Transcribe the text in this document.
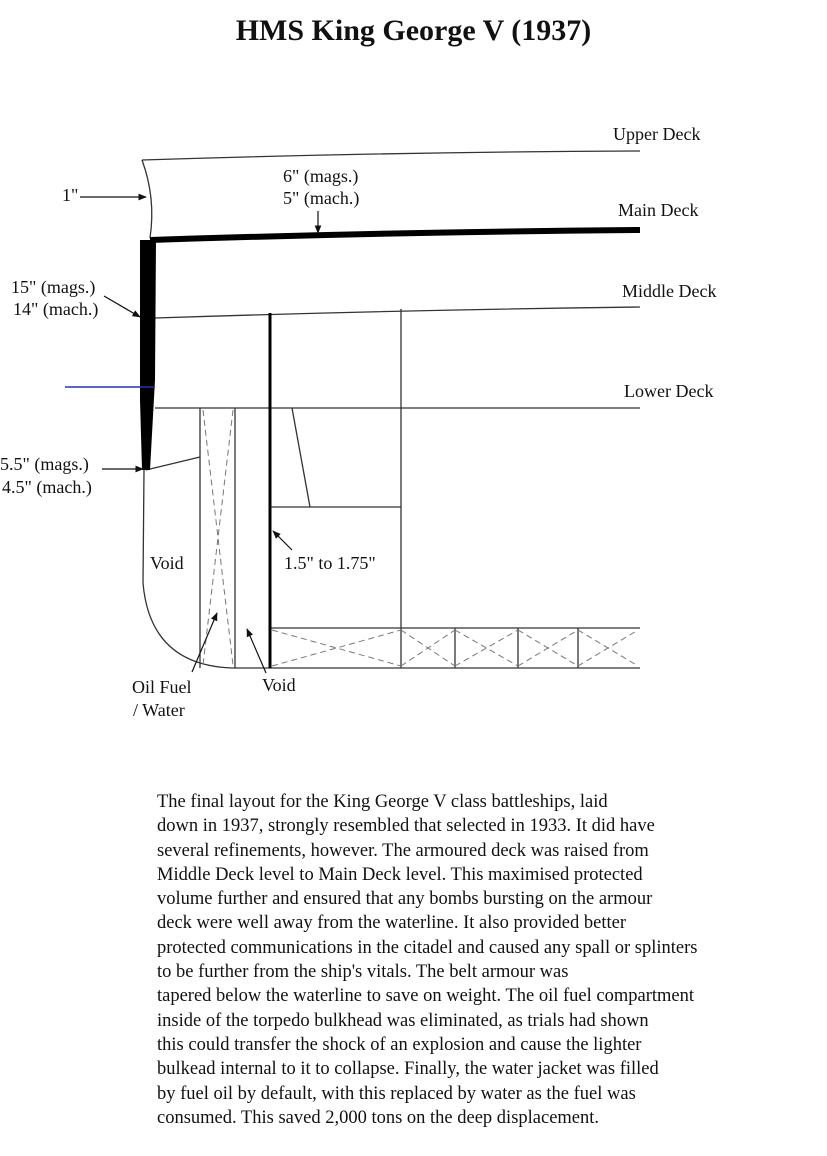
HMS King George V (1937)
Upper Deck
Main Deck
Middle Deck
Lower Deck
1"
6" (mags.)
5" (mach.)
15" (mags.)
14" (mach.)
5.5" (mags.)
4.5" (mach.)
Void	1.5" to 1.75"
Oil Fuel
/ Water
Void

The final layout for the King George V class battleships, laid
down in 1937, strongly resembled that selected in 1933. It did have
several refinements, however. The armoured deck was raised from
Middle Deck level to Main Deck level. This maximised protected
volume further and ensured that any bombs bursting on the armour
deck were well away from the waterline. It also provided better
protected communications in the citadel and caused any spall or splinters
to be further from the ship's vitals. The belt armour was
tapered below the waterline to save on weight. The oil fuel compartment
inside of the torpedo bulkhead was eliminated, as trials had shown
this could transfer the shock of an explosion and cause the lighter
bulkead internal to it to collapse. Finally, the water jacket was filled
by fuel oil by default, with this replaced by water as the fuel was
consumed. This saved 2,000 tons on the deep displacement.
